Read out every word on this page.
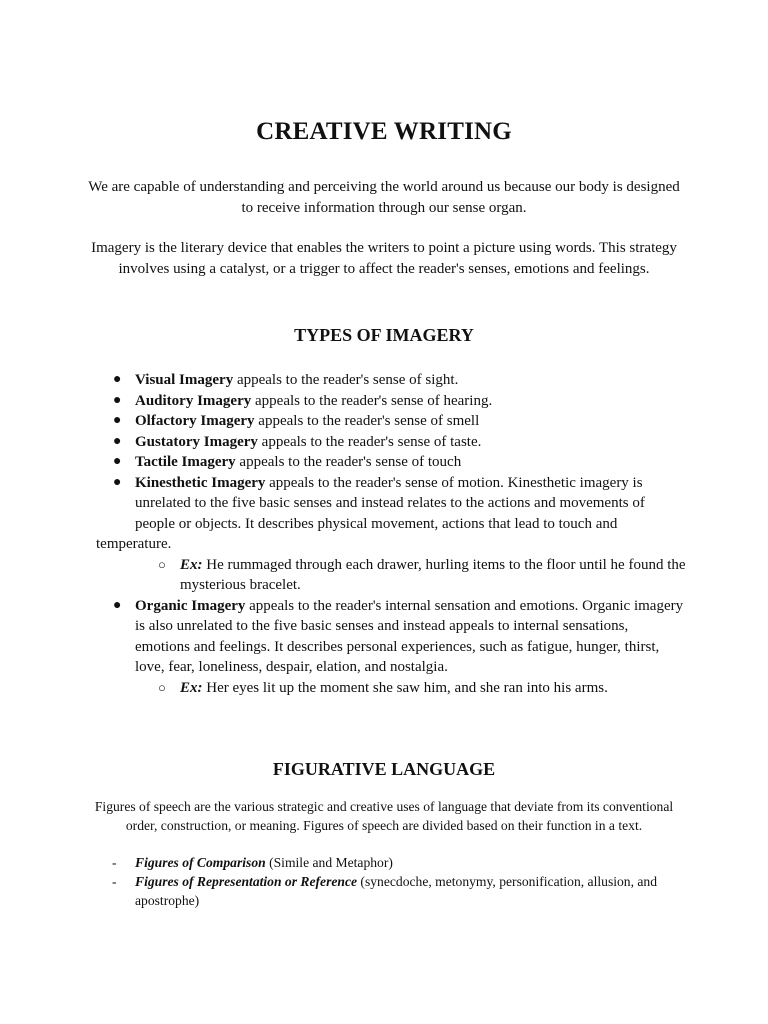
CREATIVE WRITING
We are capable of understanding and perceiving the world around us because our body is designed to receive information through our sense organ.
Imagery is the literary device that enables the writers to point a picture using words. This strategy involves using a catalyst, or a trigger to affect the reader's senses, emotions and feelings.
TYPES OF IMAGERY
● Visual Imagery appeals to the reader's sense of sight.
● Auditory Imagery appeals to the reader's sense of hearing.
● Olfactory Imagery appeals to the reader's sense of smell
● Gustatory Imagery appeals to the reader's sense of taste.
● Tactile Imagery appeals to the reader's sense of touch
● Kinesthetic Imagery appeals to the reader's sense of motion. Kinesthetic imagery is unrelated to the five basic senses and instead relates to the actions and movements of people or objects. It describes physical movement, actions that lead to touch and
temperature.
○ Ex: He rummaged through each drawer, hurling items to the floor until he found the mysterious bracelet.
● Organic Imagery appeals to the reader's internal sensation and emotions. Organic imagery is also unrelated to the five basic senses and instead appeals to internal sensations, emotions and feelings. It describes personal experiences, such as fatigue, hunger, thirst, love, fear, loneliness, despair, elation, and nostalgia.
○ Ex: Her eyes lit up the moment she saw him, and she ran into his arms.
FIGURATIVE LANGUAGE
Figures of speech are the various strategic and creative uses of language that deviate from its conventional order, construction, or meaning. Figures of speech are divided based on their function in a text.
- Figures of Comparison (Simile and Metaphor)
- Figures of Representation or Reference (synecdoche, metonymy, personification, allusion, and apostrophe)
